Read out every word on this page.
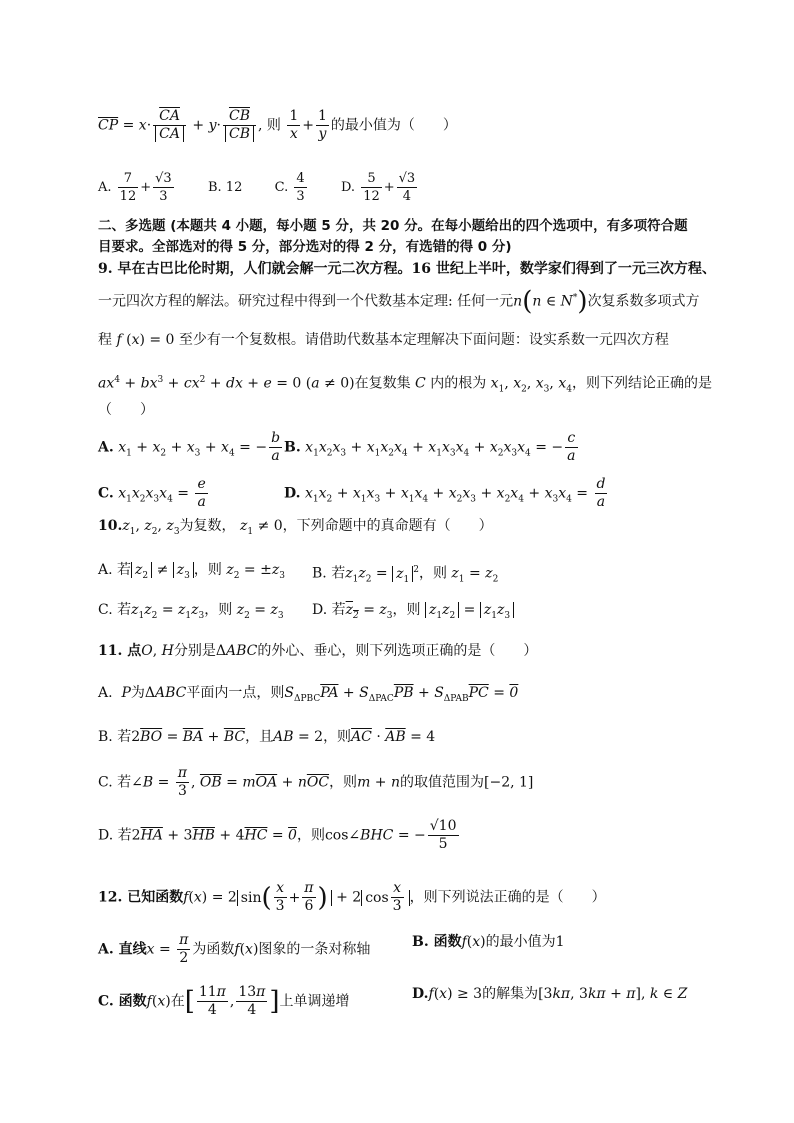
$\overline{CP} = x\cdot \frac{\overline{CA}}{CA} + y\cdot \frac{\overline{CB}}{CB}$ , 则 $\frac{1}{x} + \frac{1}{y}$ 的最小值为（　　）
A. $\frac{7}{12} + \frac{√3}{3}$	B. 12 C. $\frac{4}{3}$	D. $\frac{5}{12} + \frac{√3}{4}$
二、多选题 (本题共 4 小题，每小题 5 分，共 20 分。在每小题给出的四个选项中，有多项符合题
目要求。全部选对的得 5 分，部分选对的得 2 分，有选错的得 0 分)
9. 早在古巴比伦时期，人们就会解一元二次方程。16 世纪上半叶，数学家们得到了一元三次方程、
一元四次方程的解法。研究过程中得到一个代数基本定理: 任何一元n(n ∈ N*)次复系数多项式方
程 f (x) = 0 至少有一个复数根。请借助代数基本定理解决下面问题：设实系数一元四次方程
$ax^4 + bx^3 + cx^2$ + dx + e = 0 (a ≠ 0)在复数集 C 内的根为 $x_1$, $x_2$, $x_3$, $x_4$，则下列结论正确的是
（　　）
A. $x_1 + x_2 + x_3 + x_4$ = − $\frac{b}{a} B$. $x_1x_2x_3 + x_1x_2x_4 + x_1x_3x_4 + x_2x_3x_4$ = − $\frac{c}{a}$
C. $x_1x_2x_3x_4 = \frac{e}{a}$	D. $x_1x_2 + x_1x_3 + x_1x_4 + x_2x_3 + x_2x_4 + x_3x_4 = \frac{d}{a}$
$10.z_1$, $z_2$, $z_3$为复数， $z_1 \ne 0$，下列命题中的真命题有（　　）
A. 若 $z_2 \ne z_3$ ，则 $z_2 = \pm z_3$ B. 若$z_1z_2 = z_1^2$，则 $z_1 = z_2$
C. 若$z_1z_2 = z_1z_3$，则 $z_2 = z_3$ D. 若$z_2 = z_3$，则 $z_1z_2 = z_1z_3$
11. 点O, H分别是ΔABC的外心、垂心，则下列选项正确的是（　　）
A. P为ΔABC平面内一点，则$S_{\Delta PBC}\overline{PA} + S_{\Delta PAC}\overline{PB} + S_{\Delta PAB}\overline{PC} = 0$
B. 若$2\overline{BO} = \overline{BA} + \overline{BC}$，且AB = 2，则$\overline{AC} \cdot \overline{AB} = 4$
C. 若∠B = $\frac{\pi}{3}$ , $\overline{OB} = m\overline{OA} + n\overline{OC}$，则m + n的取值范围为[−2, 1]
D. 若$2\overline{HA} + 3\overline{HB} + 4\overline{HC} = 0$，则cos∠BHC = − $\frac{√10}{5}$
12. 已知函数f(x) = 2 $\sin( \frac{x}{3} + \frac{\pi}{6}$ ) + 2 $\cos \frac{x}{3}$ ，则下列说法正确的是（　　）
A. 直线$x = \frac{\pi}{2}$ 为函数f(x)图象的一条对称轴	B. 函数f(x)的最小值为1
C. 函数f(x)在[ $\frac{11\pi}{4}$ , $\frac{13\pi}{4}$ ]上单调递增	D.f(x) ≥ 3的解集为[3kπ, 3kπ + π], k ∈ Z
